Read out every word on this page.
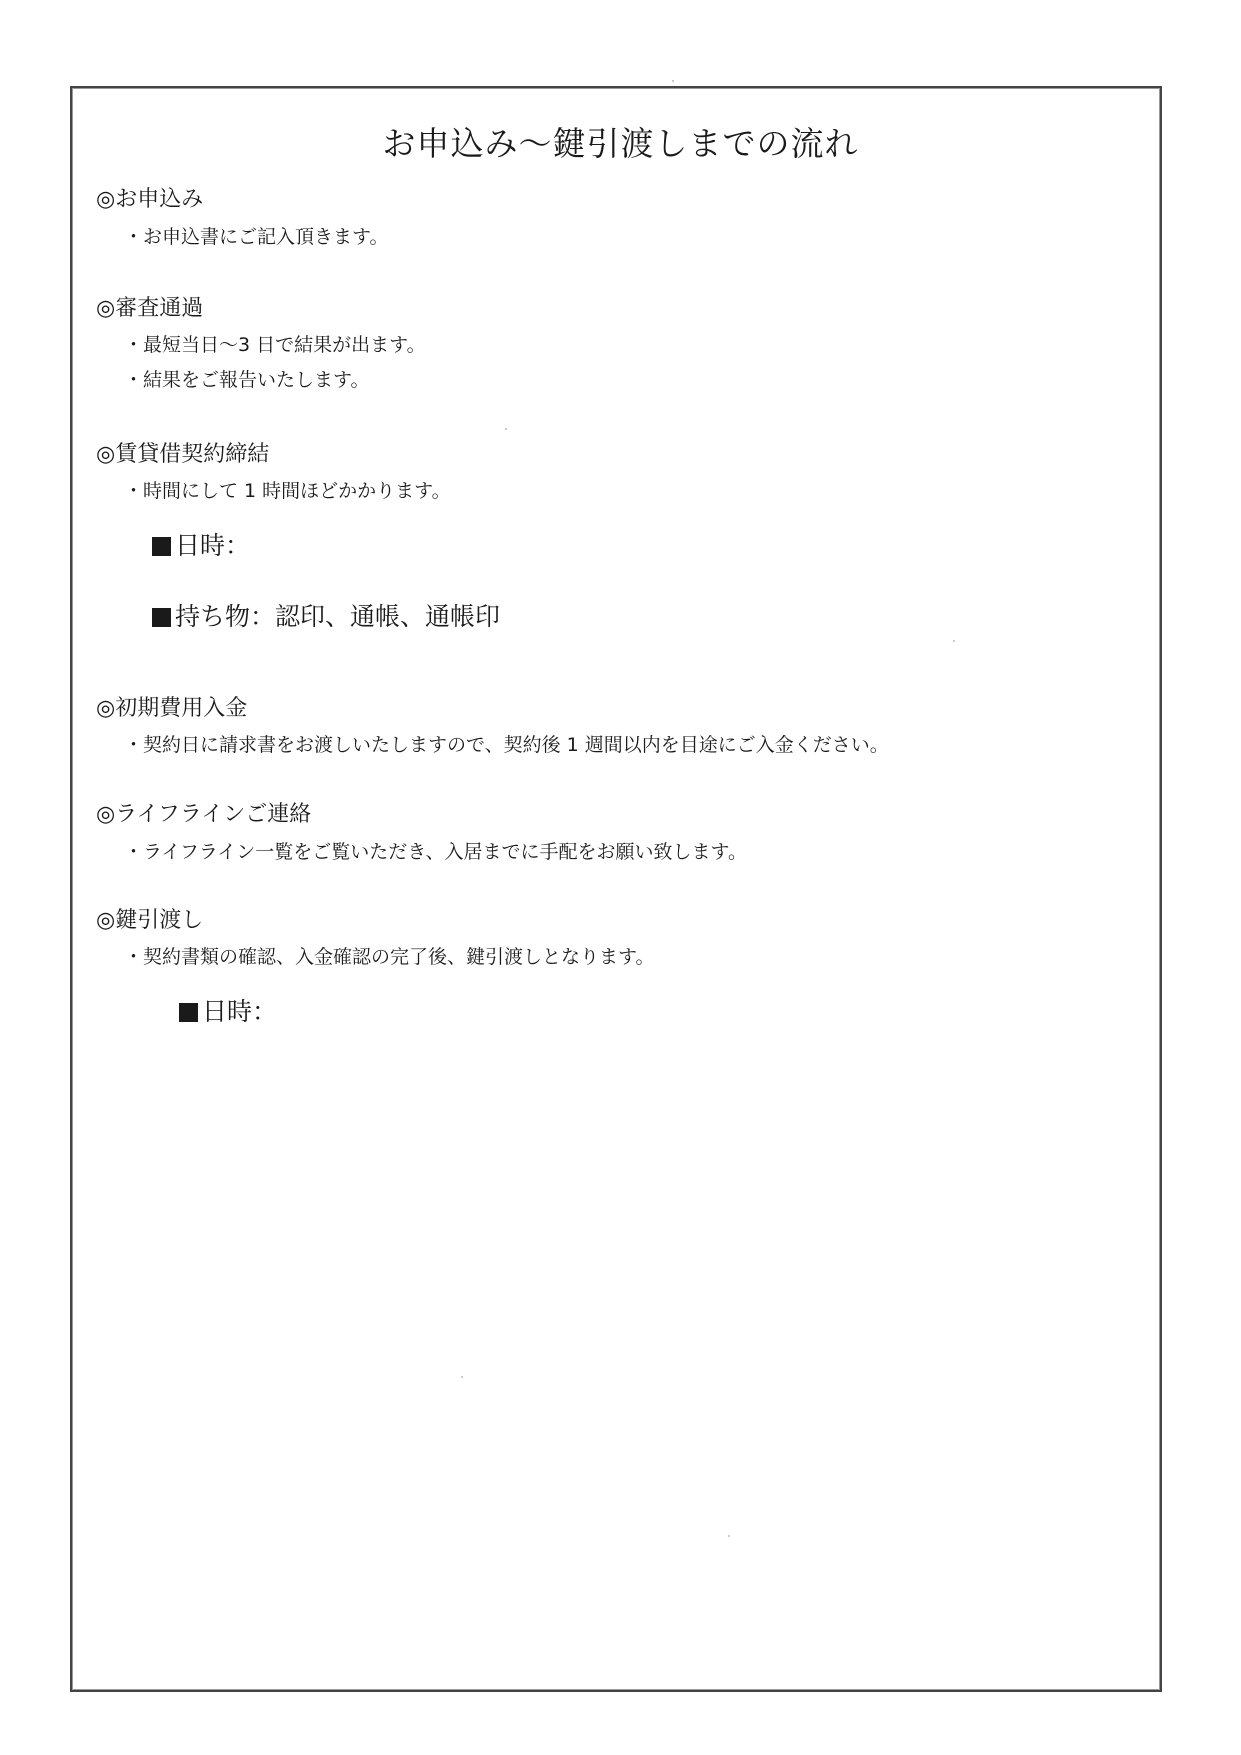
お申込み～鍵引渡しまでの流れ
◎お申込み
・お申込書にご記入頂きます。
◎審査通過
・最短当日～3 日で結果が出ます。
・結果をご報告いたします。
◎賃貸借契約締結
・時間にして 1 時間ほどかかります。
日時：
持ち物：認印、通帳、通帳印
◎初期費用入金
・契約日に請求書をお渡しいたしますので、契約後 1 週間以内を目途にご入金ください。
◎ライフラインご連絡
・ライフライン一覧をご覧いただき、入居までに手配をお願い致します。
◎鍵引渡し
・契約書類の確認、入金確認の完了後、鍵引渡しとなります。
日時：
